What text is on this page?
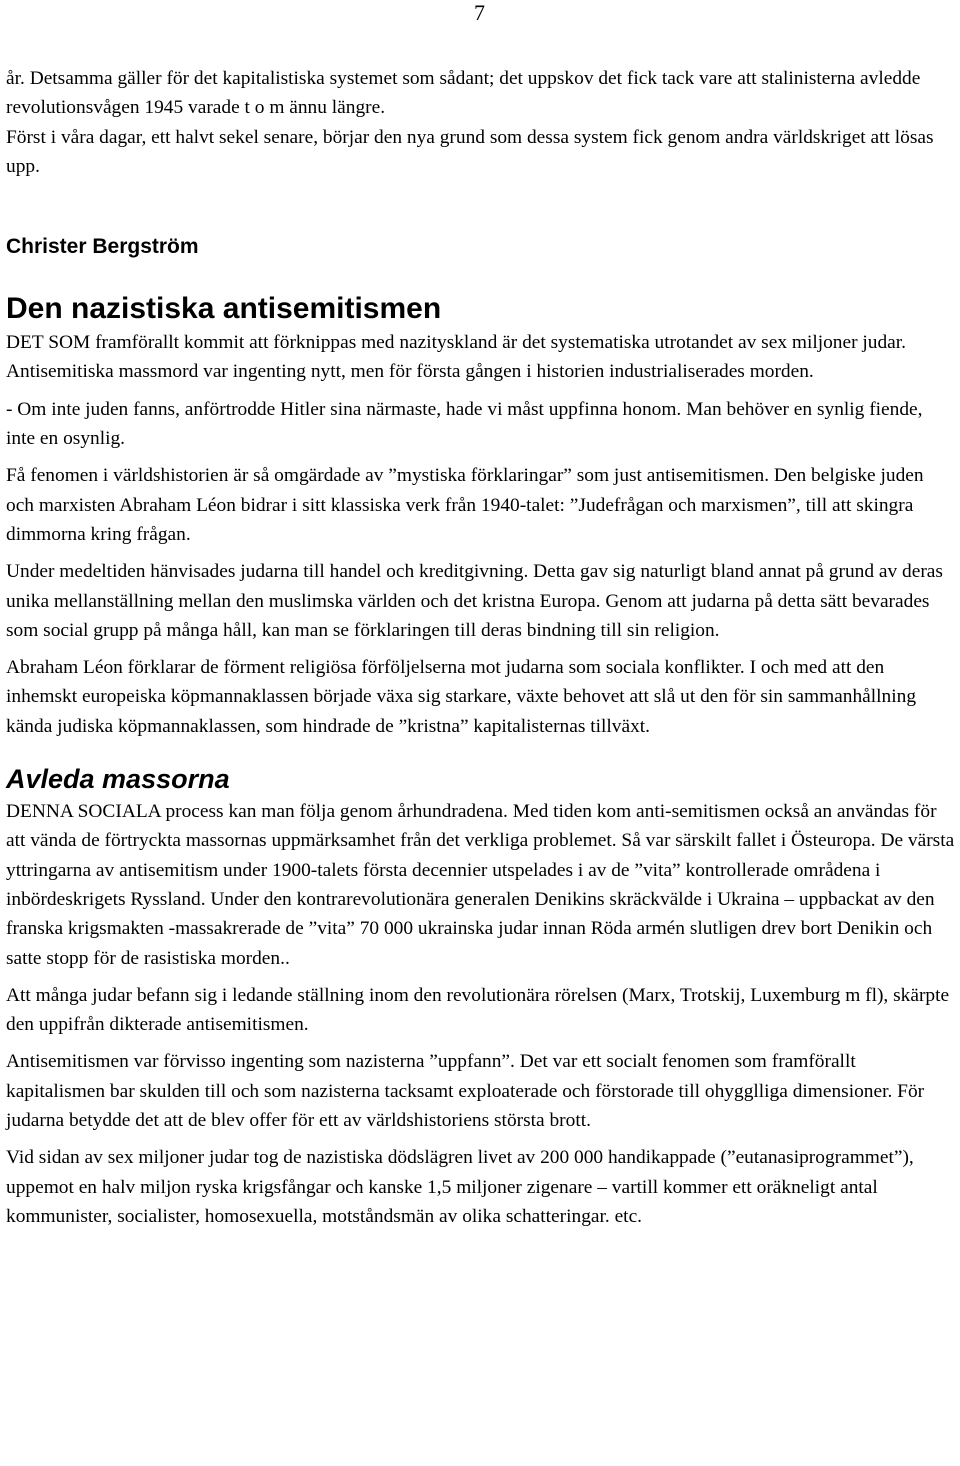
7

år. Detsamma gäller för det kapitalistiska systemet som sådant; det uppskov det fick tack vare att stalinisterna avledde revolutionsvågen 1945 varade t o m ännu längre.

Först i våra dagar, ett halvt sekel senare, börjar den nya grund som dessa system fick genom andra världskriget att lösas upp.

Christer Bergström
Den nazistiska antisemitismen

DET SOM framförallt kommit att förknippas med nazityskland är det systematiska utrotandet av sex miljoner judar. Antisemitiska massmord var ingenting nytt, men för första gången i historien industrialiserades morden.

- Om inte juden fanns, anförtrodde Hitler sina närmaste, hade vi måst uppfinna honom. Man behöver en synlig fiende, inte en osynlig.

Få fenomen i världshistorien är så omgärdade av ”mystiska förklaringar” som just antisemitismen. Den belgiske juden och marxisten Abraham Léon bidrar i sitt klassiska verk från 1940-talet: ”Judefrågan och marxismen”, till att skingra dimmorna kring frågan.

Under medeltiden hänvisades judarna till handel och kreditgivning. Detta gav sig naturligt bland annat på grund av deras unika mellanställning mellan den muslimska världen och det kristna Europa. Genom att judarna på detta sätt bevarades som social grupp på många håll, kan man se förklaringen till deras bindning till sin religion.

Abraham Léon förklarar de förment religiösa förföljelserna mot judarna som sociala konflikter. I och med att den inhemskt europeiska köpmannaklassen började växa sig starkare, växte behovet att slå ut den för sin sammanhållning kända judiska köpmannaklassen, som hindrade de ”kristna” kapitalisternas tillväxt.

Avleda massorna

DENNA SOCIALA process kan man följa genom århundradena. Med tiden kom anti-semitismen också an användas för att vända de förtryckta massornas uppmärksamhet från det verkliga problemet. Så var särskilt fallet i Östeuropa. De värsta yttringarna av antisemitism under 1900-talets första decennier utspelades i av de ”vita” kontrollerade områdena i inbördeskrigets Ryssland. Under den kontrarevolutionära generalen Denikins skräckvälde i Ukraina – uppbackat av den franska krigsmakten -massakrerade de ”vita” 70 000 ukrainska judar innan Röda armén slutligen drev bort Denikin och satte stopp för de rasistiska morden..

Att många judar befann sig i ledande ställning inom den revolutionära rörelsen (Marx, Trotskij, Luxemburg m fl), skärpte den uppifrån dikterade antisemitismen.

Antisemitismen var förvisso ingenting som nazisterna ”uppfann”. Det var ett socialt fenomen som framförallt kapitalismen bar skulden till och som nazisterna tacksamt exploaterade och förstorade till ohygglliga dimensioner. För judarna betydde det att de blev offer för ett av världshistoriens största brott.

Vid sidan av sex miljoner judar tog de nazistiska dödslägren livet av 200 000 handikappade (”eutanasiprogrammet”), uppemot en halv miljon ryska krigsfångar och kanske 1,5 miljoner zigenare – vartill kommer ett oräkneligt antal kommunister, socialister, homosexuella, motståndsmän av olika schatteringar. etc.
